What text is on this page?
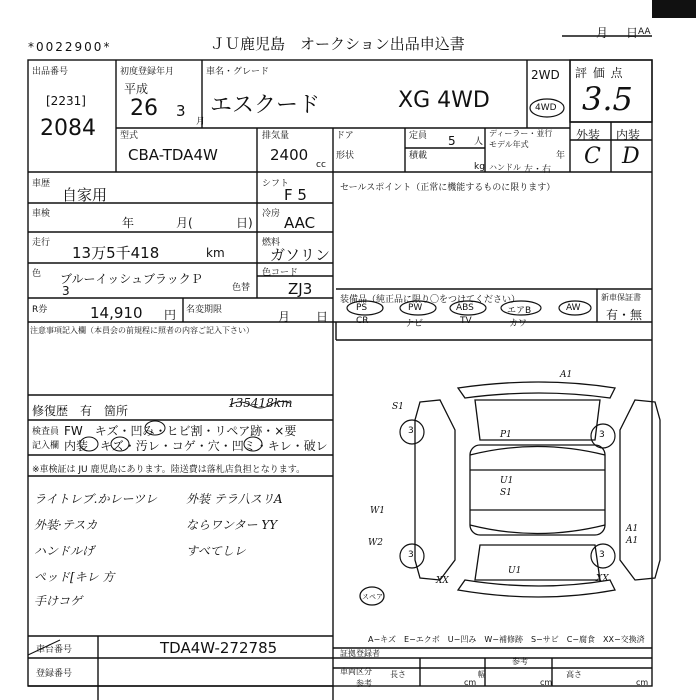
*0022900*	ＪＵ鹿児島　オークション出品申込書
月 日 AA
出品番号
[2231]
2084
初度登録年月
平成
26 3
月
車名・グレード
エスクード	XG 4WD
2WD
4WD
評 価 点
3.5
外装 内装
C D
型式
CBA-TDA4W
排気量
2400
cc
ドア
形状
定員 5 人
積載
kg
ディーラー・並行
モデル年式
年
ハンドル 左・右
車歴
自家用
シフト
F 5	セールスポイント（正常に機能するものに限ります）
車検
年	月(	日)
冷房 AAC
走行
13万5千418	km
燃料
ガソリン
色 ブルーイッシュブラックＰ
3	色替
色コード
ZJ3
R券	14,910 円 名変期限	月 日
装備品（純正品に限り〇をつけてください）
PS
CR
PW
ナビ
ABS
TV
エアB
カワ
AW
新車保証書
有・無
注意事項記入欄（本員会の前規程に照者の内容ご記入下さい）
修復歴 有　箇所
135418km
検査員
記入欄
FW　キズ・凹み・ヒビ割・リペア跡・×要
内装　キズ・汚レ・コゲ・穴・凹ミ・キレ・破レ
※車検証は JU 鹿児島にあります。陸送費は落札店負担となります。
ライトレブ.かレーツレ
外装·テスカ
ハンドルげ
ペッド[キレ 方
手けコゲ
外装 テラ八スリA
ならワンター YY
すべてしレ
A1
S1
3	3
3	3
P1
U1
S1
A1
W1
W2	A1
U1
XX	XX
スペア
A−キズ　E−エクボ　U−凹み　W−補修跡　S−サビ　C−腐食　XX−交換済
車台番号	TDA4W-272785
登録番号
証拠登録者
参考
車両区分 長さ	幅	高さ
参考	cm	cm	cm
